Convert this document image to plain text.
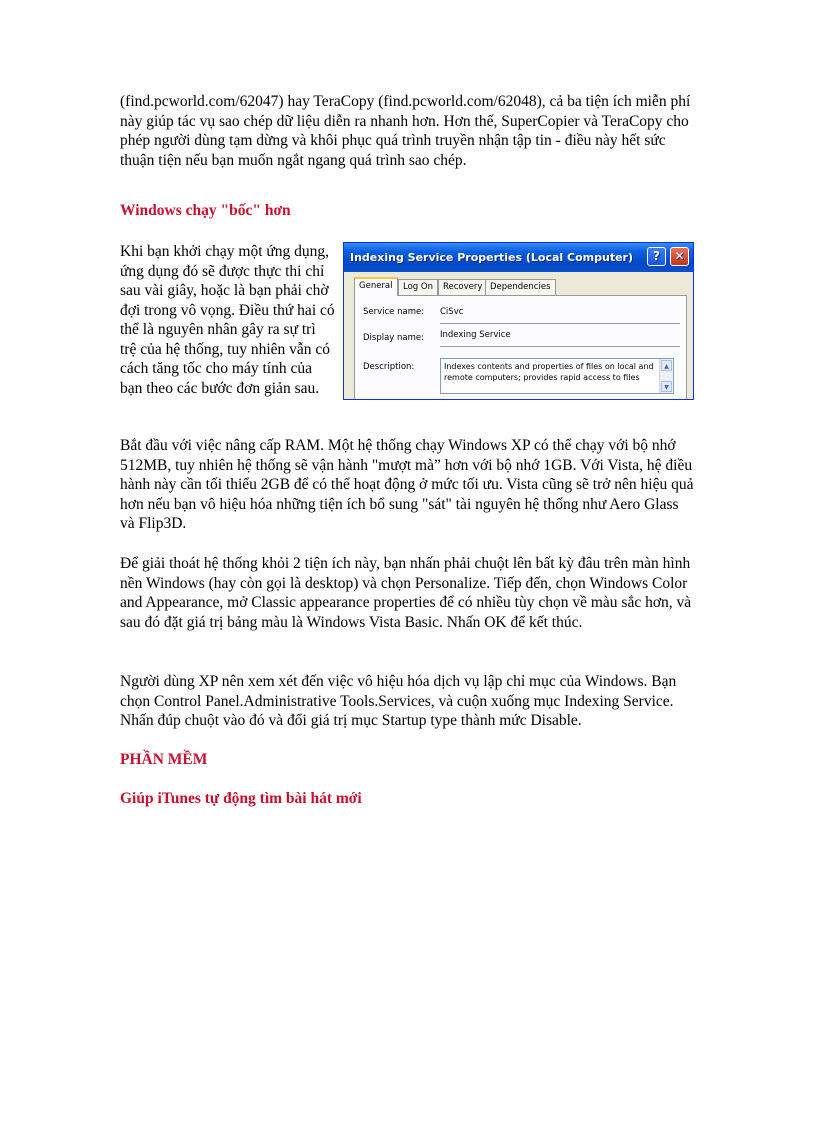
(find.pcworld.com/62047) hay TeraCopy (find.pcworld.com/62048), cả ba tiện ích miễn phí này giúp tác vụ sao chép dữ liệu diễn ra nhanh hơn. Hơn thế, SuperCopier và TeraCopy cho phép người dùng tạm dừng và khôi phục quá trình truyền nhận tập tin - điều này hết sức thuận tiện nếu bạn muốn ngắt ngang quá trình sao chép.

Windows chạy "bốc" hơn

Khi bạn khởi chạy một ứng dụng, ứng dụng đó sẽ được thực thi chỉ sau vài giây, hoặc là bạn phải chờ đợi trong vô vọng. Điều thứ hai có thể là nguyên nhân gây ra sự trì trệ của hệ thống, tuy nhiên vẫn có cách tăng tốc cho máy tính của bạn theo các bước đơn giản sau.

Indexing Service Properties (Local Computer)	?	✕
General	Log On	Recovery Dependencies
Service name: CiSvc
Display name: Indexing Service
Description:	Indexes contents and properties of files on local and remote computers; provides rapid access to files
▲
▼

Bắt đầu với việc nâng cấp RAM. Một hệ thống chạy Windows XP có thể chạy với bộ nhớ 512MB, tuy nhiên hệ thống sẽ vận hành "mượt mà” hơn với bộ nhớ 1GB. Với Vista, hệ điều hành này cần tối thiểu 2GB để có thể hoạt động ở mức tối ưu. Vista cũng sẽ trở nên hiệu quả hơn nếu bạn vô hiệu hóa những tiện ích bổ sung "sát" tài nguyên hệ thống như Aero Glass và Flip3D.

Để giải thoát hệ thống khỏi 2 tiện ích này, bạn nhấn phải chuột lên bất kỳ đâu trên màn hình nền Windows (hay còn gọi là desktop) và chọn Personalize. Tiếp đến, chọn Windows Color and Appearance, mở Classic appearance properties để có nhiều tùy chọn về màu sắc hơn, và sau đó đặt giá trị bảng màu là Windows Vista Basic. Nhấn OK để kết thúc.

Người dùng XP nên xem xét đến việc vô hiệu hóa dịch vụ lập chỉ mục của Windows. Bạn chọn Control Panel.Administrative Tools.Services, và cuộn xuống mục Indexing Service. Nhấn đúp chuột vào đó và đổi giá trị mục Startup type thành mức Disable.

PHẦN MỀM
Giúp iTunes tự động tìm bài hát mới
